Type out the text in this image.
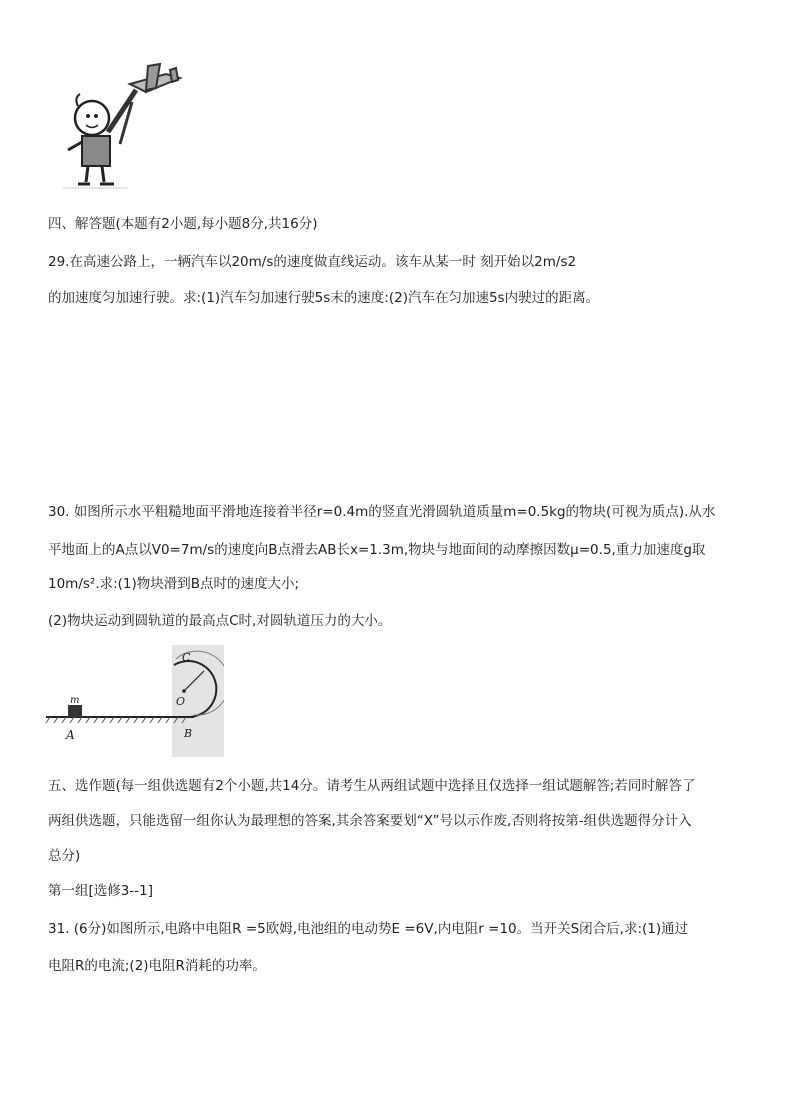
四、解答题(本题有2小题,每小题8分,共16分)
29.在高速公路上，一辆汽车以20m/s的速度做直线运动。该车从某一时 刻开始以2m/s2
的加速度匀加速行驶。求:(1)汽车匀加速行驶5s末的速度:(2)汽车在匀加速5s内驶过的距离。
30. 如图所示水平粗糙地面平滑地连接着半径r=0.4m的竖直光滑圆轨道质量m=0.5kg的物块(可视为质点).从水
平地面上的A点以V0=7m/s的速度向B点滑去AB长x=1.3m,物块与地面间的动摩擦因数μ=0.5,重力加速度g取
10m/s².求:(1)物块滑到B点时的速度大小;
(2)物块运动到圆轨道的最高点C时,对圆轨道压力的大小。
m
A
C
O
B
五、选作题(每一组供选题有2个小题,共14分。请考生从两组试题中选择且仅选择一组试题解答;若同时解答了
两组供选题，只能选留一组你认为最理想的答案,其余答案要划“X”号以示作废,否则将按第-组供选题得分计入
总分)
第一组[选修3--1]
31. (6分)如图所示,电路中电阻R =5欧姆,电池组的电动势E =6V,内电阻r =10。当开关S闭合后,求:(1)通过
电阻R的电流;(2)电阻R消耗的功率。
